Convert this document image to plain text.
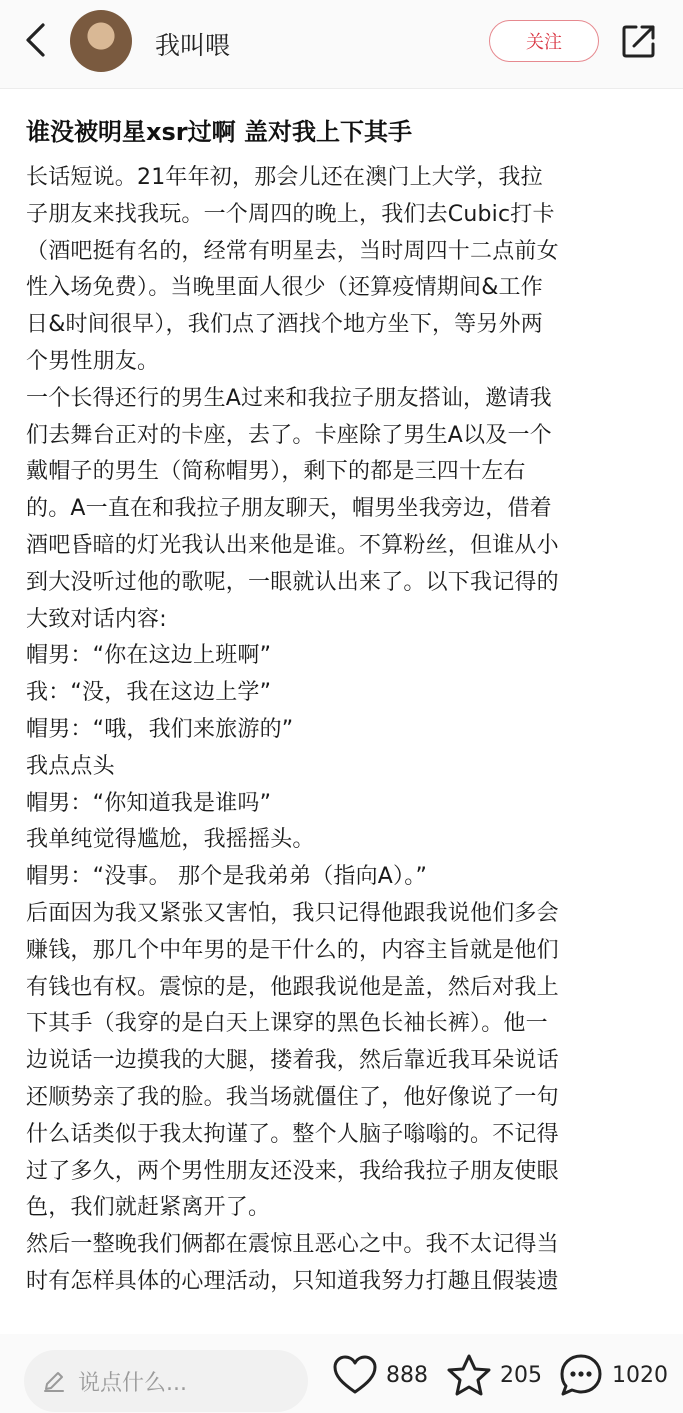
我叫喂	关注
谁没被明星xsr过啊 盖对我上下其手
长话短说。21年年初，那会儿还在澳门上大学，我拉
子朋友来找我玩。一个周四的晚上，我们去Cubic打卡
（酒吧挺有名的，经常有明星去，当时周四十二点前女
性入场免费）。当晚里面人很少（还算疫情期间&工作
日&时间很早），我们点了酒找个地方坐下，等另外两
个男性朋友。
一个长得还行的男生A过来和我拉子朋友搭讪，邀请我
们去舞台正对的卡座，去了。卡座除了男生A以及一个
戴帽子的男生（简称帽男），剩下的都是三四十左右
的。A一直在和我拉子朋友聊天，帽男坐我旁边，借着
酒吧昏暗的灯光我认出来他是谁。不算粉丝，但谁从小
到大没听过他的歌呢，一眼就认出来了。以下我记得的
大致对话内容:
帽男：“你在这边上班啊”
我：“没，我在这边上学”
帽男：“哦，我们来旅游的”
我点点头
帽男：“你知道我是谁吗”
我单纯觉得尴尬，我摇摇头。
帽男：“没事。 那个是我弟弟（指向A）。”
后面因为我又紧张又害怕，我只记得他跟我说他们多会
赚钱，那几个中年男的是干什么的，内容主旨就是他们
有钱也有权。震惊的是，他跟我说他是盖，然后对我上
下其手（我穿的是白天上课穿的黑色长袖长裤）。他一
边说话一边摸我的大腿，搂着我，然后靠近我耳朵说话
还顺势亲了我的脸。我当场就僵住了，他好像说了一句
什么话类似于我太拘谨了。整个人脑子嗡嗡的。不记得
过了多久，两个男性朋友还没来，我给我拉子朋友使眼
色，我们就赶紧离开了。
然后一整晚我们俩都在震惊且恶心之中。我不太记得当
时有怎样具体的心理活动，只知道我努力打趣且假装遗
说点什么...	888	205	1020
